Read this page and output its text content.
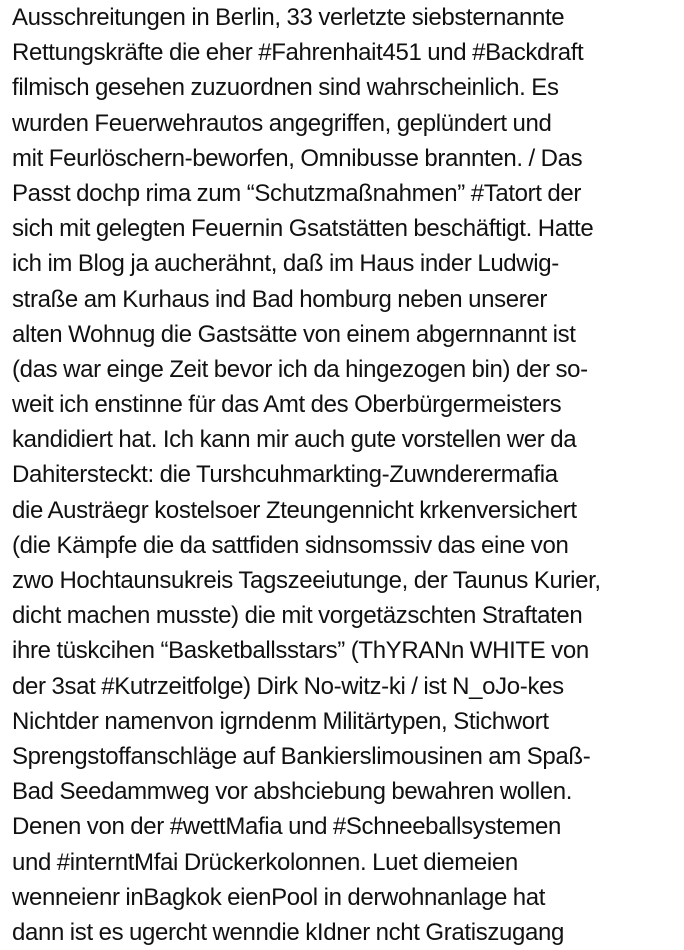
Ausschreitungen in Berlin, 33 verletzte siebsternannte
Rettungskräfte die eher #Fahrenhait451 und #Backdraft
filmisch gesehen zuzuordnen sind wahrscheinlich. Es
wurden Feuerwehrautos angegriffen, geplündert und
mit Feurlöschern-beworfen, Omnibusse brannten. / Das
Passt dochp rima zum “Schutzmaßnahmen” #Tatort der
sich mit gelegten Feuernin Gsatstätten beschäftigt. Hatte
ich im Blog ja aucherähnt, daß im Haus inder Ludwig-
straße am Kurhaus ind Bad homburg neben unserer
alten Wohnug die Gastsätte von einem abgernnannt ist
(das war einge Zeit bevor ich da hingezogen bin) der so-
weit ich enstinne für das Amt des Oberbürgermeisters
kandidiert hat. Ich kann mir auch gute vorstellen wer da
Dahitersteckt: die Turshcuhmarkting-Zuwnderermafia
die Austräegr kostelsoer Zteungennicht krkenversichert
(die Kämpfe die da sattfiden sidnsomssiv das eine von
zwo Hochtaunsukreis Tagszeeiutunge, der Taunus Kurier,
dicht machen musste) die mit vorgetäzschten Straftaten
ihre tüskcihen “Basketballsstars” (ThYRANn WHITE von
der 3sat #Kutrzeitfolge) Dirk No-witz-ki / ist N_oJo-kes
Nichtder namenvon igrndenm Militärtypen, Stichwort
Sprengstoffanschläge auf Bankierslimousinen am Spaß-
Bad Seedammweg vor abshciebung bewahren wollen.
Denen von der #wettMafia und #Schneeballsystemen
und #interntMfai Drückerkolonnen. Luet diemeien
wenneienr inBagkok eienPool in derwohnanlage hat
dann ist es ugercht wenndie kIdner ncht Gratiszugang
